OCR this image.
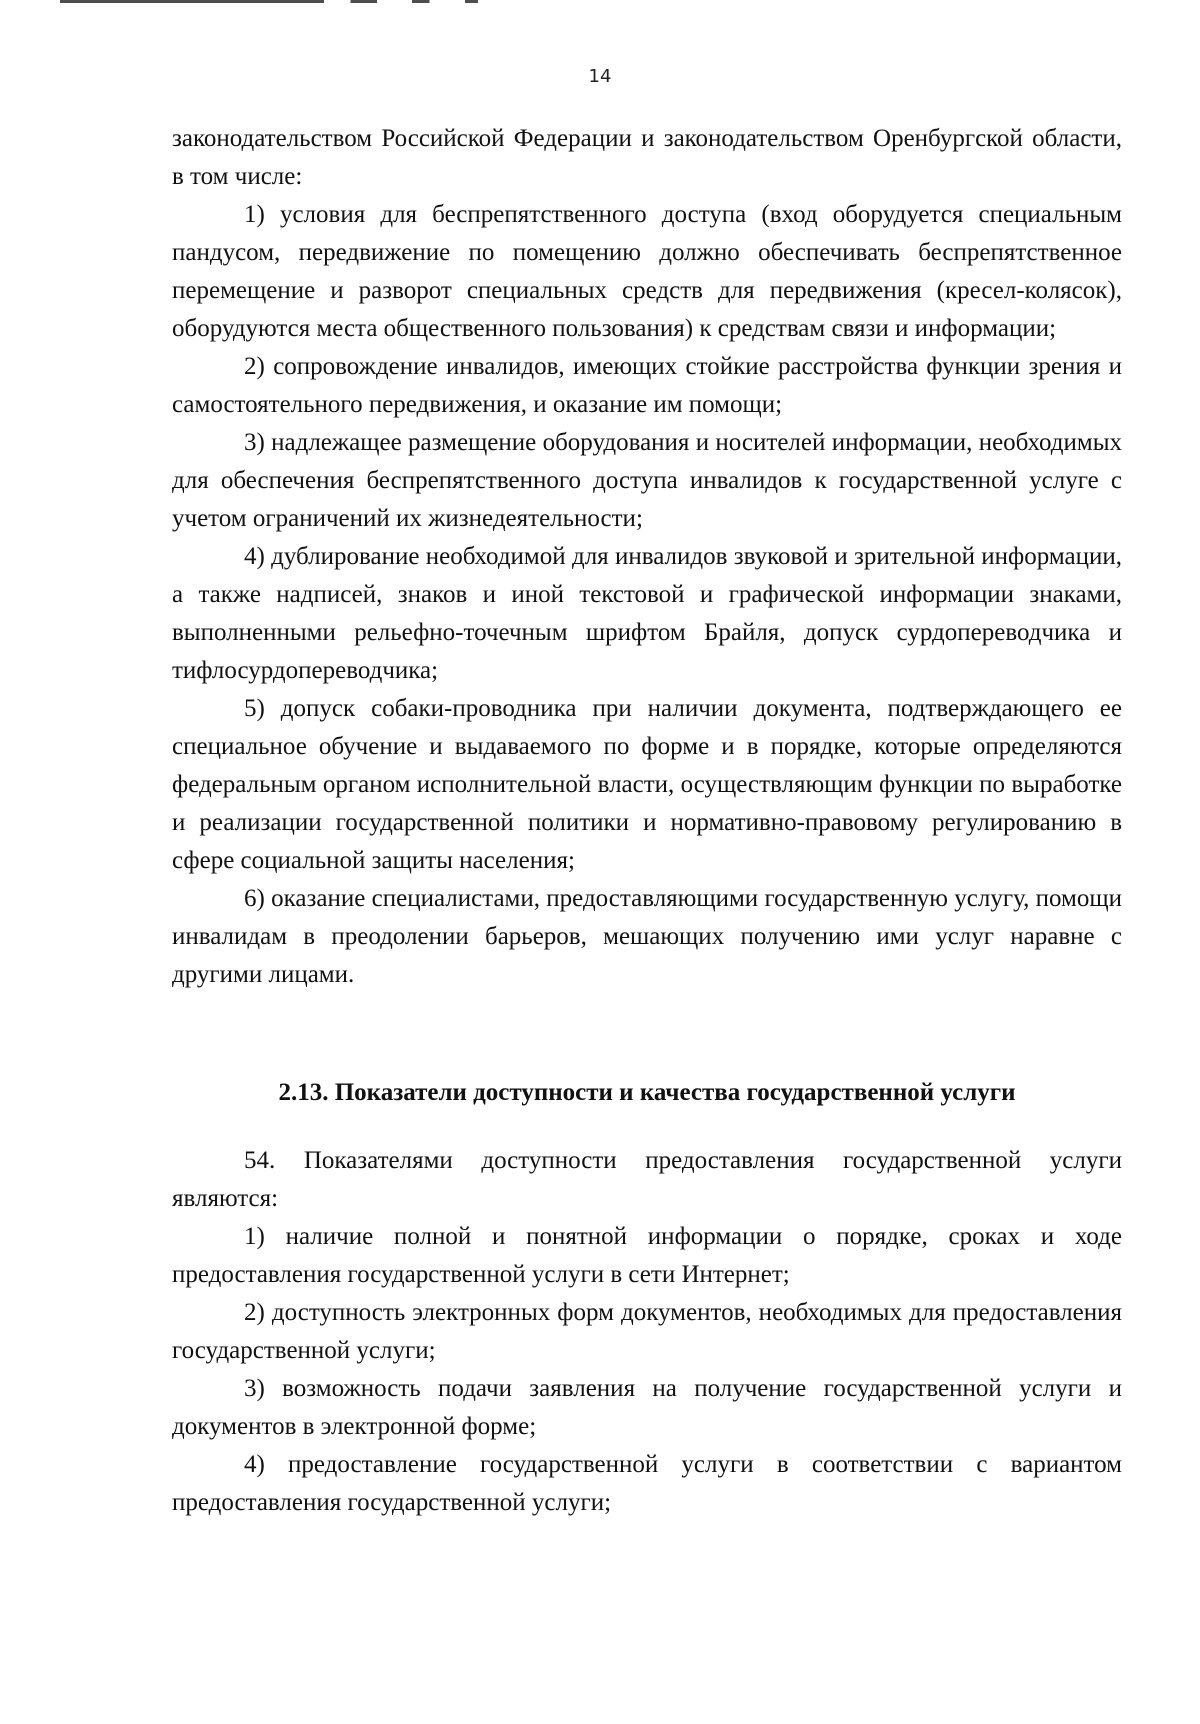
14

законодательством Российской Федерации и законодательством Оренбургской области, в том числе:

1) условия для беспрепятственного доступа (вход оборудуется специальным пандусом, передвижение по помещению должно обеспечивать беспрепятственное перемещение и разворот специальных средств для передвижения (кресел-колясок), оборудуются места общественного пользования) к средствам связи и информации;

2) сопровождение инвалидов, имеющих стойкие расстройства функции зрения и самостоятельного передвижения, и оказание им помощи;

3) надлежащее размещение оборудования и носителей информации, необходимых для обеспечения беспрепятственного доступа инвалидов к государственной услуге с учетом ограничений их жизнедеятельности;

4) дублирование необходимой для инвалидов звуковой и зрительной информации, а также надписей, знаков и иной текстовой и графической информации знаками, выполненными рельефно-точечным шрифтом Брайля, допуск сурдопереводчика и тифлосурдопереводчика;

5) допуск собаки-проводника при наличии документа, подтверждающего ее специальное обучение и выдаваемого по форме и в порядке, которые определяются федеральным органом исполнительной власти, осуществляющим функции по выработке и реализации государственной политики и нормативно-правовому регулированию в сфере социальной защиты населения;

6) оказание специалистами, предоставляющими государственную услугу, помощи инвалидам в преодолении барьеров, мешающих получению ими услуг наравне с другими лицами.

2.13. Показатели доступности и качества государственной услуги

54. Показателями доступности предоставления государственной услуги являются:

1) наличие полной и понятной информации о порядке, сроках и ходе предоставления государственной услуги в сети Интернет;

2) доступность электронных форм документов, необходимых для предоставления государственной услуги;

3) возможность подачи заявления на получение государственной услуги и документов в электронной форме;

4) предоставление государственной услуги в соответствии с вариантом предоставления государственной услуги;
